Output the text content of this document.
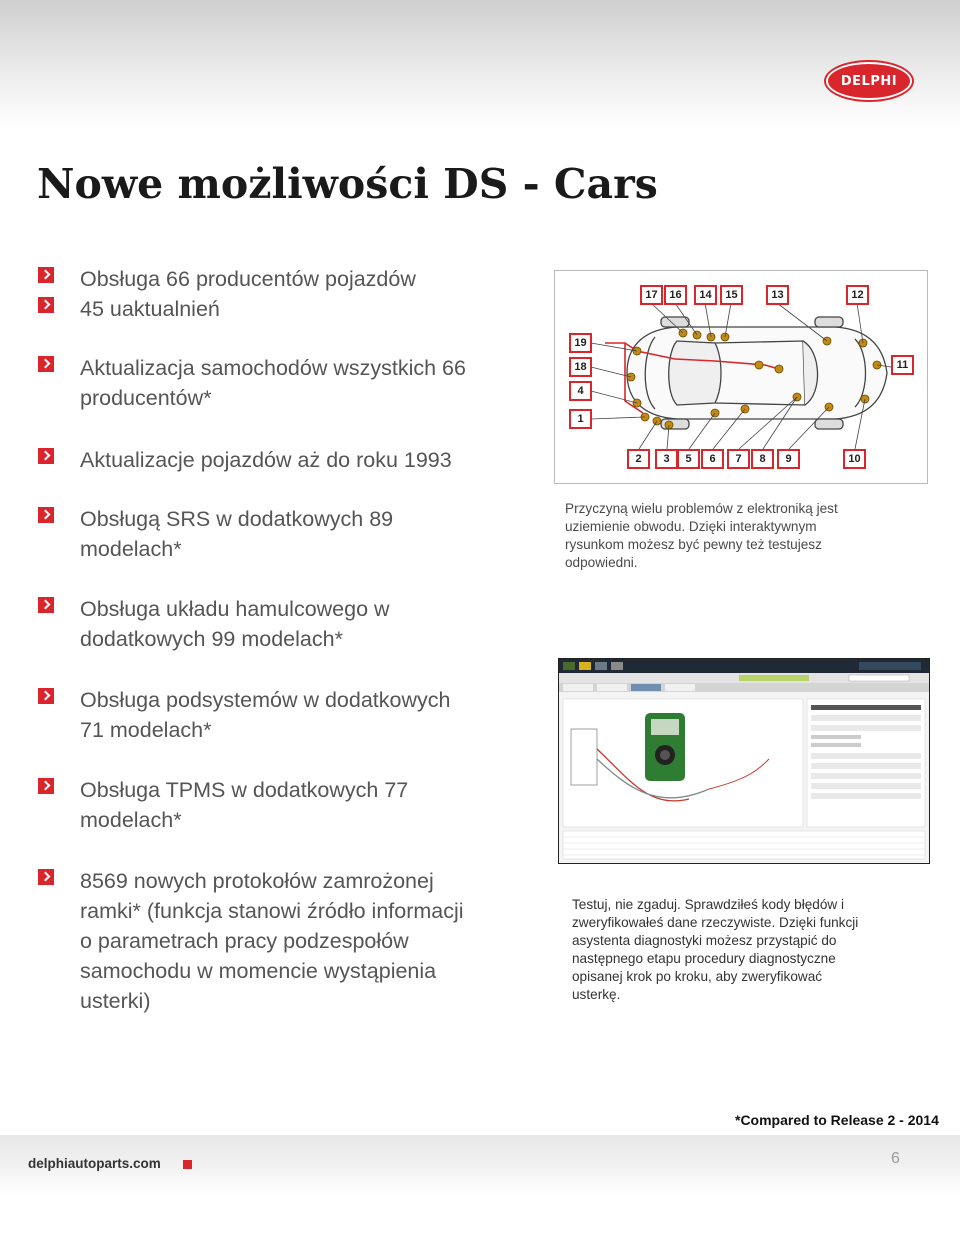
DELPHI
Nowe możliwości DS - Cars
Obsługa 66 producentów pojazdów
45 uaktualnień
Aktualizacja samochodów wszystkich 66
producentów*
Aktualizacje pojazdów aż do roku 1993
Obsługą SRS w dodatkowych 89
modelach*
Obsługa układu hamulcowego w
dodatkowych 99 modelach*
Obsługa podsystemów w dodatkowych
71 modelach*
Obsługa TPMS w dodatkowych 77
modelach*
8569 nowych protokołów zamrożonej
ramki* (funkcja stanowi źródło informacji
o parametrach pracy podzespołów
samochodu w momencie wystąpienia
usterki)
17	16	14	15	13	12
19
18
4
1
11
2	3	5	6	7	8	9	10

Przyczyną wielu problemów z elektroniką jest
uziemienie obwodu. Dzięki interaktywnym
rysunkom możesz być pewny też testujesz
odpowiedni.

Testuj, nie zgaduj. Sprawdziłeś kody błędów i
zweryfikowałeś dane rzeczywiste. Dzięki funkcji
asystenta diagnostyki możesz przystąpić do
następnego etapu procedury diagnostyczne
opisanej krok po kroku, aby zweryfikować
usterkę.

*Compared to Release 2 - 2014
delphiautoparts.com	6
